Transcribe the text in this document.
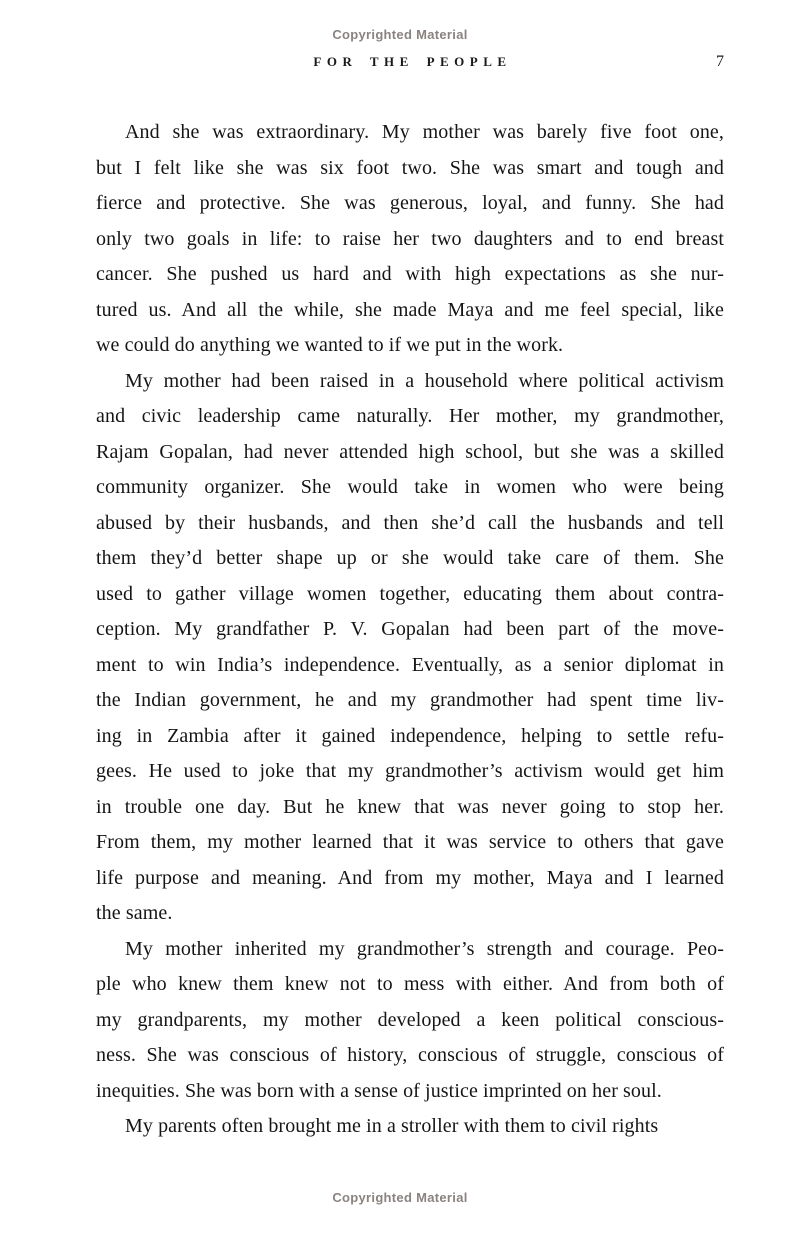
Copyrighted Material
FOR THE PEOPLE	7

And she was extraordinary. My mother was barely five foot one,
but I felt like she was six foot two. She was smart and tough and
fierce and protective. She was generous, loyal, and funny. She had
only two goals in life: to raise her two daughters and to end breast
cancer. She pushed us hard and with high expectations as she nur-
tured us. And all the while, she made Maya and me feel special, like
we could do anything we wanted to if we put in the work.

My mother had been raised in a household where political activism
and civic leadership came naturally. Her mother, my grandmother,
Rajam Gopalan, had never attended high school, but she was a skilled
community organizer. She would take in women who were being
abused by their husbands, and then she’d call the husbands and tell
them they’d better shape up or she would take care of them. She
used to gather village women together, educating them about contra-
ception. My grandfather P. V. Gopalan had been part of the move-
ment to win India’s independence. Eventually, as a senior diplomat in
the Indian government, he and my grandmother had spent time liv-
ing in Zambia after it gained independence, helping to settle refu-
gees. He used to joke that my grandmother’s activism would get him
in trouble one day. But he knew that was never going to stop her.
From them, my mother learned that it was service to others that gave
life purpose and meaning. And from my mother, Maya and I learned
the same.

My mother inherited my grandmother’s strength and courage. Peo-
ple who knew them knew not to mess with either. And from both of
my grandparents, my mother developed a keen political conscious-
ness. She was conscious of history, conscious of struggle, conscious of
inequities. She was born with a sense of justice imprinted on her soul.

My parents often brought me in a stroller with them to civil rights

Copyrighted Material
